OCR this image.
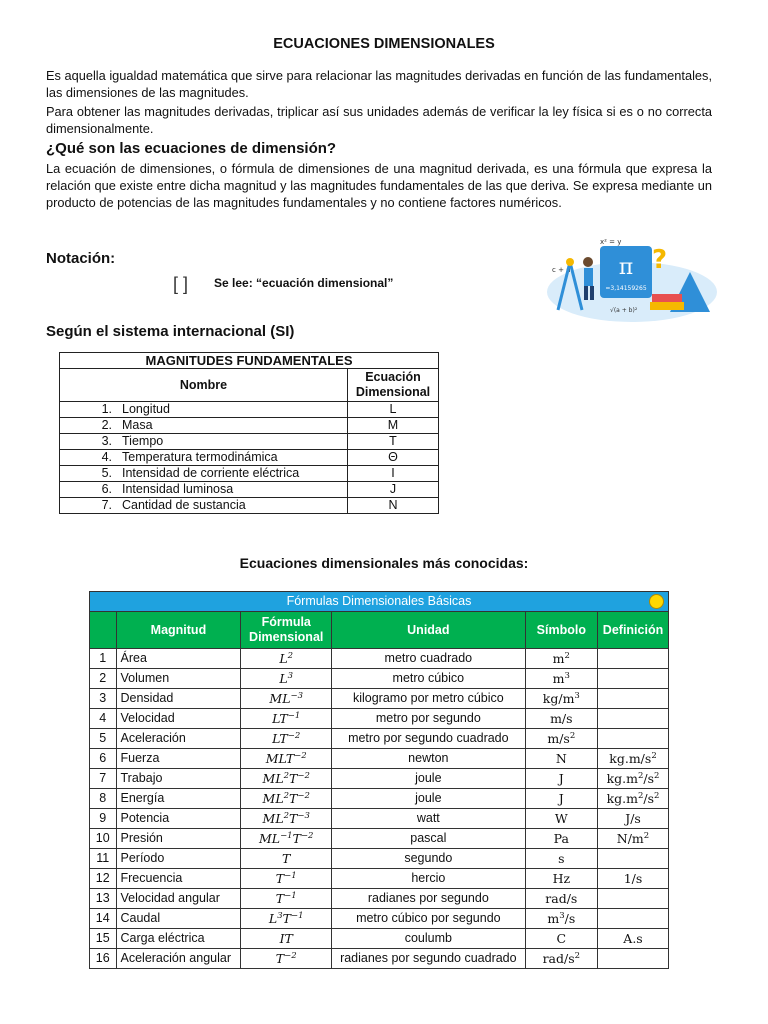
ECUACIONES DIMENSIONALES
Es aquella igualdad matemática que sirve para relacionar las magnitudes derivadas en función de las fundamentales, las dimensiones de las magnitudes.
Para obtener las magnitudes derivadas, triplicar así sus unidades además de verificar la ley física si es o no correcta dimensionalmente.
¿Qué son las ecuaciones de dimensión?
La ecuación de dimensiones, o fórmula de dimensiones de una magnitud derivada, es una fórmula que expresa la relación que existe entre dicha magnitud y las magnitudes fundamentales de las que deriva. Se expresa mediante un producto de potencias de las magnitudes fundamentales y no contiene factores numéricos.
Notación:
[ ] Se lee: “ecuación dimensional”
π
=3,14159265
x² = y
c + d
√(a + b)²
?
Según el sistema internacional (SI)
MAGNITUDES FUNDAMENTALES		
Nombre		Ecuación Dimensional
1.	Longitud	L
2.	Masa	M
3.	Tiempo	T
4.	Temperatura termodinámica	Θ
5.	Intensidad de corriente eléctrica	I
6.	Intensidad luminosa	J
7.	Cantidad de sustancia	N
Ecuaciones dimensionales más conocidas:
Fórmulas Dimensionales Básicas					

	Magnitud	Fórmula Dimensional	Unidad	Símbolo	Definición
1	Área	$L^2$	metro cuadrado	$m^2$	
2	Volumen	$L^3$	metro cúbico	$m^3$	
3	Densidad	$ML^{-3}$	kilogramo por metro cúbico	$kg/m^3$	
4	Velocidad	$LT^{-1}$	metro por segundo	m/s	
5	Aceleración	$LT^{-2}$	metro por segundo cuadrado	$m/s^2$	
6	Fuerza	$MLT^{-2}$	newton	N	$kg.m/s^2$
7	Trabajo	$ML^2T^{-2}$	joule	J	$kg.m^2/s^2$
8	Energía	$ML^2T^{-2}$	joule	J	$kg.m^2/s^2$
9	Potencia	$ML^2T^{-3}$	watt	W	J/s
10	Presión	$ML^{-1}T^{-2}$	pascal	Pa	$N/m^2$
11	Período	T	segundo	s	
12	Frecuencia	$T^{-1}$	hercio	Hz	1/s
13	Velocidad angular	$T^{-1}$	radianes por segundo	rad/s	
14	Caudal	$L^3T^{-1}$	metro cúbico por segundo	$m^3/s$	
15	Carga eléctrica	IT	coulumb	C	A.s
16	Aceleración angular	$T^{-2}$	radianes por segundo cuadrado	rad/$s^2$	
